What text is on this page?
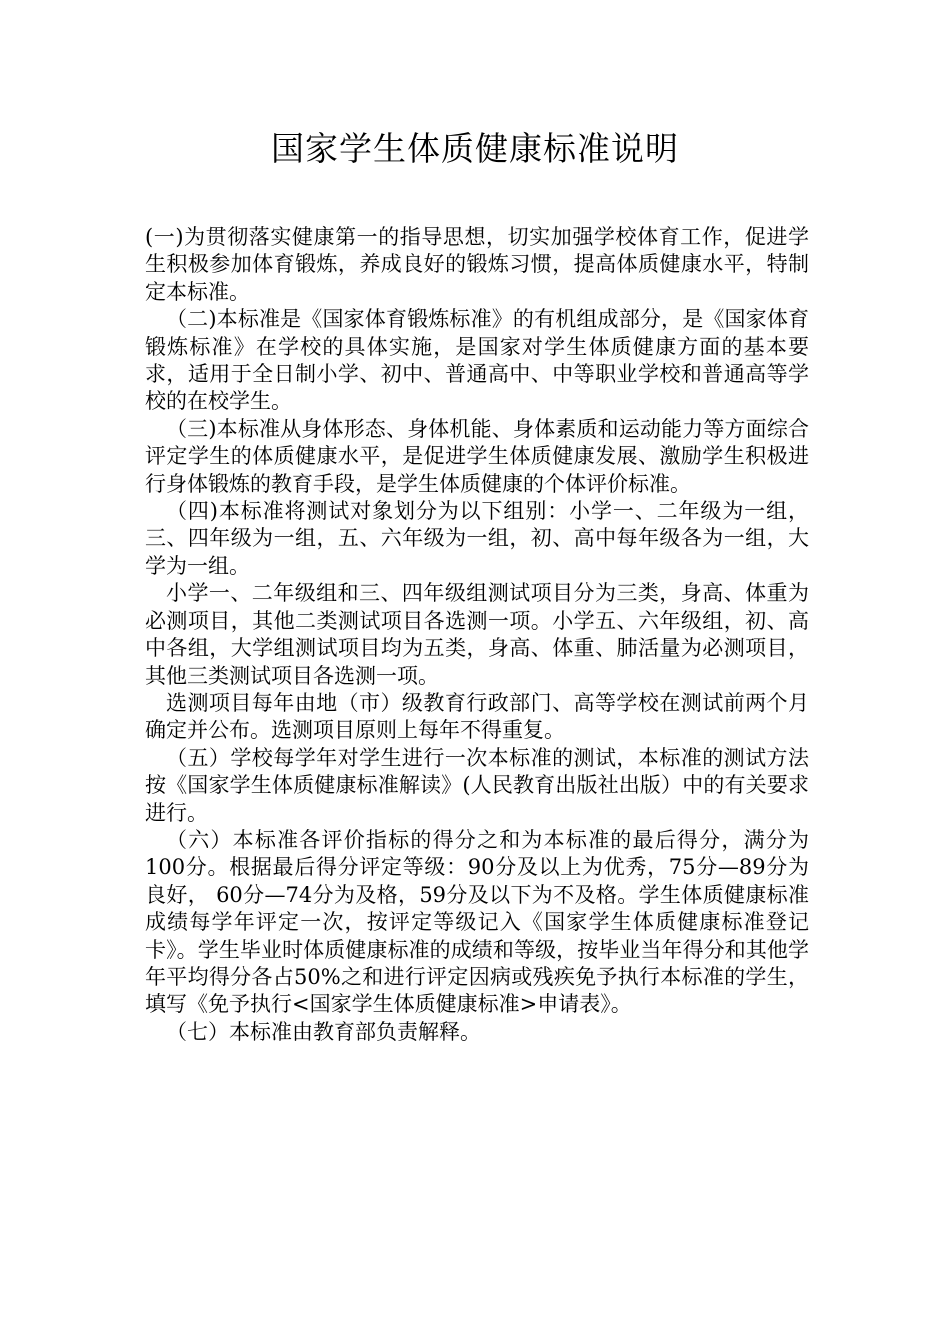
国家学生体质健康标准说明

(一)为贯彻落实健康第一的指导思想，切实加强学校体育工作，促进学生积极参加体育锻炼，养成良好的锻炼习惯，提高体质健康水平，特制定本标准。

（二)本标准是《国家体育锻炼标准》的有机组成部分，是《国家体育锻炼标准》在学校的具体实施，是国家对学生体质健康方面的基本要求，适用于全日制小学、初中、普通高中、中等职业学校和普通高等学校的在校学生。

（三)本标准从身体形态、身体机能、身体素质和运动能力等方面综合评定学生的体质健康水平，是促进学生体质健康发展、激励学生积极进行身体锻炼的教育手段，是学生体质健康的个体评价标准。

（四)本标准将测试对象划分为以下组别：小学一、二年级为一组，三、四年级为一组，五、六年级为一组，初、高中每年级各为一组，大学为一组。

小学一、二年级组和三、四年级组测试项目分为三类，身高、体重为必测项目，其他二类测试项目各选测一项。小学五、六年级组，初、高中各组，大学组测试项目均为五类，身高、体重、肺活量为必测项目，其他三类测试项目各选测一项。

选测项目每年由地（市）级教育行政部门、高等学校在测试前两个月确定并公布。选测项目原则上每年不得重复。

（五）学校每学年对学生进行一次本标准的测试，本标准的测试方法按《国家学生体质健康标准解读》(人民教育出版社出版）中的有关要求进行。

（六）本标准各评价指标的得分之和为本标准的最后得分，满分为100分。根据最后得分评定等级：90分及以上为优秀，75分—89分为良好， 60分—74分为及格，59分及以下为不及格。学生体质健康标准成绩每学年评定一次，按评定等级记入《国家学生体质健康标准登记卡》。学生毕业时体质健康标准的成绩和等级，按毕业当年得分和其他学年平均得分各占50%之和进行评定因病或残疾免予执行本标准的学生，填写《免予执行<国家学生体质健康标准>申请表》。

（七）本标准由教育部负责解释。
